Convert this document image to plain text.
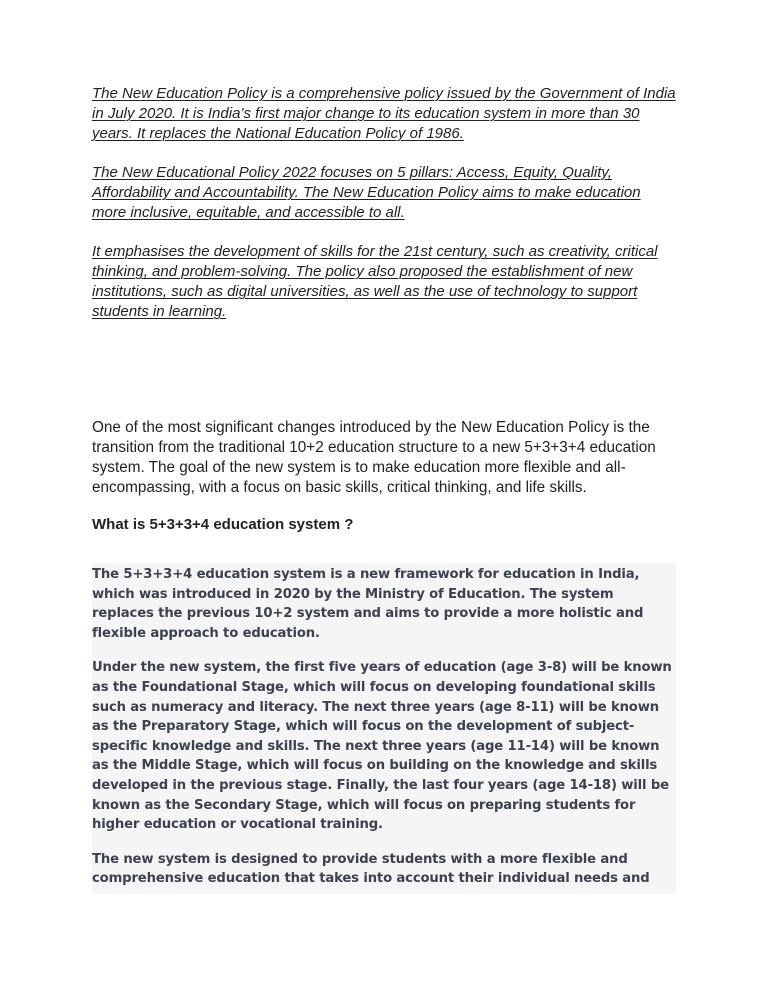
The New Education Policy is a comprehensive policy issued by the Government of India in July 2020. It is India’s first major change to its education system in more than 30 years. It replaces the National Education Policy of 1986.

The New Educational Policy 2022 focuses on 5 pillars: Access, Equity, Quality, Affordability and Accountability. The New Education Policy aims to make education more inclusive, equitable, and accessible to all.

It emphasises the development of skills for the 21st century, such as creativity, critical thinking, and problem-solving. The policy also proposed the establishment of new institutions, such as digital universities, as well as the use of technology to support students in learning.

One of the most significant changes introduced by the New Education Policy is the transition from the traditional 10+2 education structure to a new 5+3+3+4 education system. The goal of the new system is to make education more flexible and all-encompassing, with a focus on basic skills, critical thinking, and life skills.

What is 5+3+3+4 education system ?

The 5+3+3+4 education system is a new framework for education in India, which was introduced in 2020 by the Ministry of Education. The system replaces the previous 10+2 system and aims to provide a more holistic and flexible approach to education.

Under the new system, the first five years of education (age 3-8) will be known as the Foundational Stage, which will focus on developing foundational skills such as numeracy and literacy. The next three years (age 8-11) will be known as the Preparatory Stage, which will focus on the development of subject-specific knowledge and skills. The next three years (age 11-14) will be known as the Middle Stage, which will focus on building on the knowledge and skills developed in the previous stage. Finally, the last four years (age 14-18) will be known as the Secondary Stage, which will focus on preparing students for higher education or vocational training.

The new system is designed to provide students with a more flexible and comprehensive education that takes into account their individual needs and
